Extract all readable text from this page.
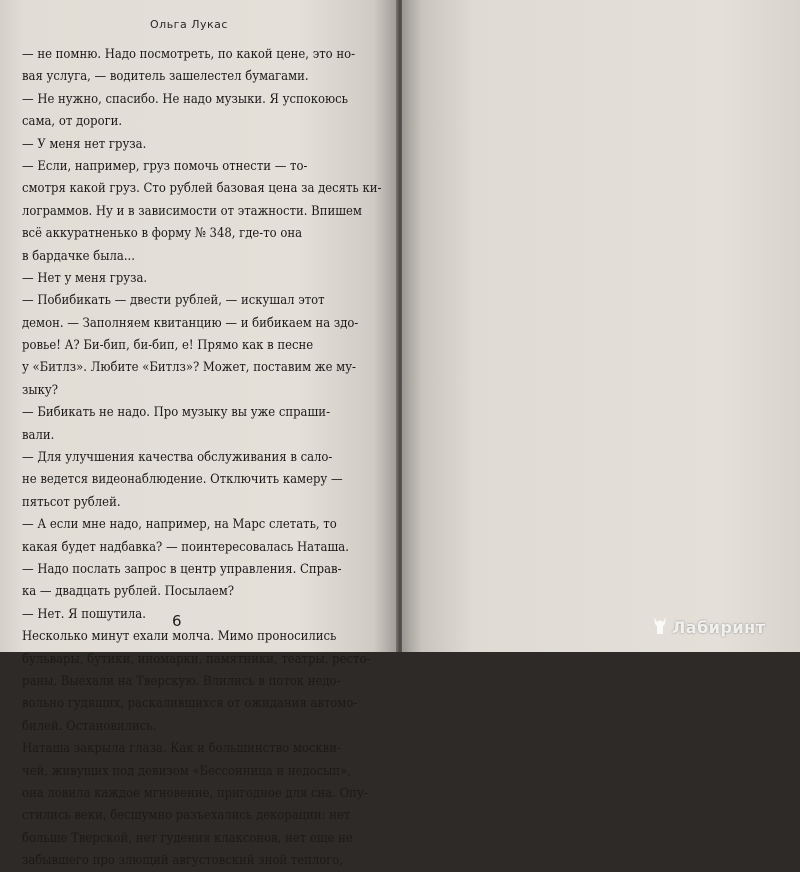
Ольга Лукас
— не помню. Надо посмотреть, по какой цене, это но-
вая услуга, — водитель зашелестел бумагами.
— Не нужно, спасибо. Не надо музыки. Я успокоюсь
сама, от дороги.
— У меня нет груза.
— Если, например, груз помочь отнести — то-
смотря какой груз. Сто рублей базовая цена за десять ки-
лограммов. Ну и в зависимости от этажности. Впишем
всё аккуратненько в форму № 348, где-то она
в бардачке была...
— Нет у меня груза.
— Побибикать — двести рублей, — искушал этот
демон. — Заполняем квитанцию — и бибикаем на здо-
ровье! А? Би-бип, би-бип, е! Прямо как в песне
у «Битлз». Любите «Битлз»? Может, поставим же му-
зыку?
— Бибикать не надо. Про музыку вы уже спраши-
вали.
— Для улучшения качества обслуживания в сало-
не ведется видеонаблюдение. Отключить камеру —
пятьсот рублей.
— А если мне надо, например, на Марс слетать, то
какая будет надбавка? — поинтересовалась Наташа.
— Надо послать запрос в центр управления. Справ-
ка — двадцать рублей. Посылаем?
— Нет. Я пошутила.
Несколько минут ехали молча. Мимо проносились
бульвары, бутики, иномарки, памятники, театры, ресто-
раны. Выехали на Тверскую. Влились в поток недо-
вольно гудящих, раскалившихся от ожидания автомо-
билей. Остановились.
Наташа закрыла глаза. Как и большинство москви-
чей, живущих под девизом «Бессонница и недосып»,
она ловила каждое мгновение, пригодное для сна. Опу-
стились веки, бесшумно разъехались декорации: нет
больше Тверской, нет гудения клаксонов, нет еще не
забывшего про злющий августовский зной теплого,
6	Лабиринт
